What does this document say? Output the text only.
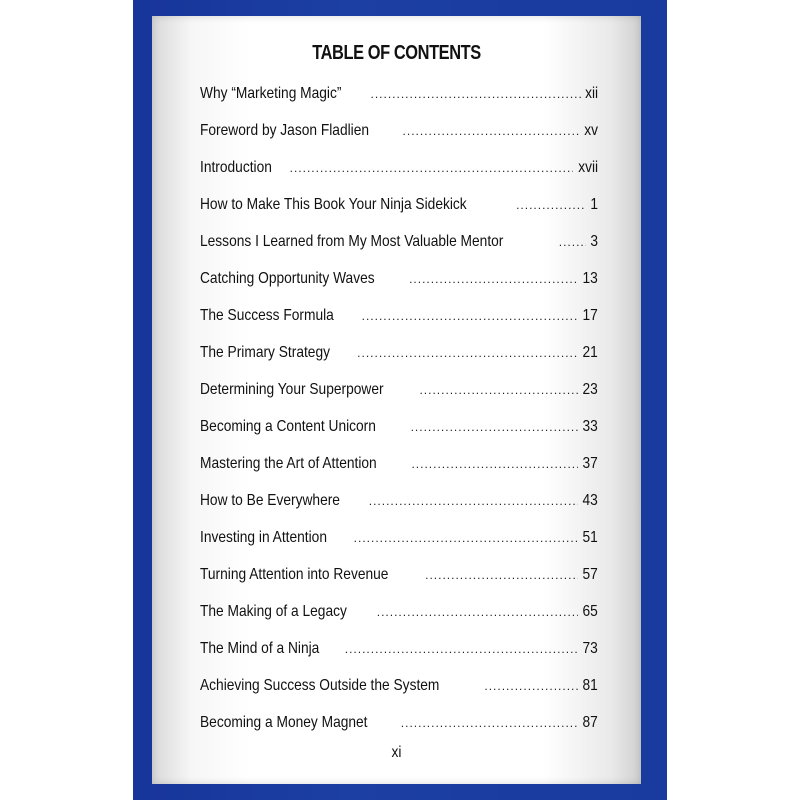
TABLE OF CONTENTS
Why “Marketing Magic” .....	xii
Foreword by Jason Fladlien .....	xv
Introduction .....	xvii
How to Make This Book Your Ninja Sidekick .....	1
Lessons I Learned from My Most Valuable Mentor .....	3
Catching Opportunity Waves .....	13
The Success Formula .....	17
The Primary Strategy .....	21
Determining Your Superpower .....	23
Becoming a Content Unicorn .....	33
Mastering the Art of Attention .....	37
How to Be Everywhere .....	43
Investing in Attention .....	51
Turning Attention into Revenue .....	57
The Making of a Legacy .....	65
The Mind of a Ninja .....	73
Achieving Success Outside the System .....	81
Becoming a Money Magnet .....	87
xi
